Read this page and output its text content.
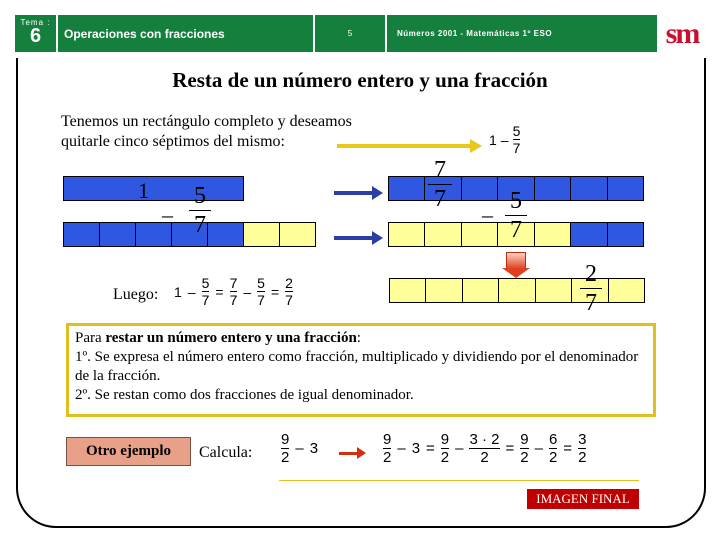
Tema :
6	Operaciones con fracciones	5	Números 2001 - Matemáticas 1º ESO	sm
Resta de un número entero y una fracción
Tenemos un rectángulo completo y deseamos quitarle cinco séptimos del mismo:	$1 - \frac{5}{7}$
1
–
5
7
7
7
–
5
7
2
7
Luego: $1 - \frac{5}{7} = \frac{7}{7} - \frac{5}{7} = \frac{2}{7}$
Para restar un número entero y una fracción:
1º. Se expresa el número entero como fracción, multiplicado y dividiendo por el denominador de la fracción.
2º. Se restan como dos fracciones de igual denominador.
Otro ejemplo	Calcula: $\frac{9}{2} - 3$	$\frac{9}{2} - 3 = \frac{9}{2} - \frac{3 \cdot 2}{2} = \frac{9}{2} - \frac{6}{2} = \frac{3}{2}$
IMAGEN FINAL
